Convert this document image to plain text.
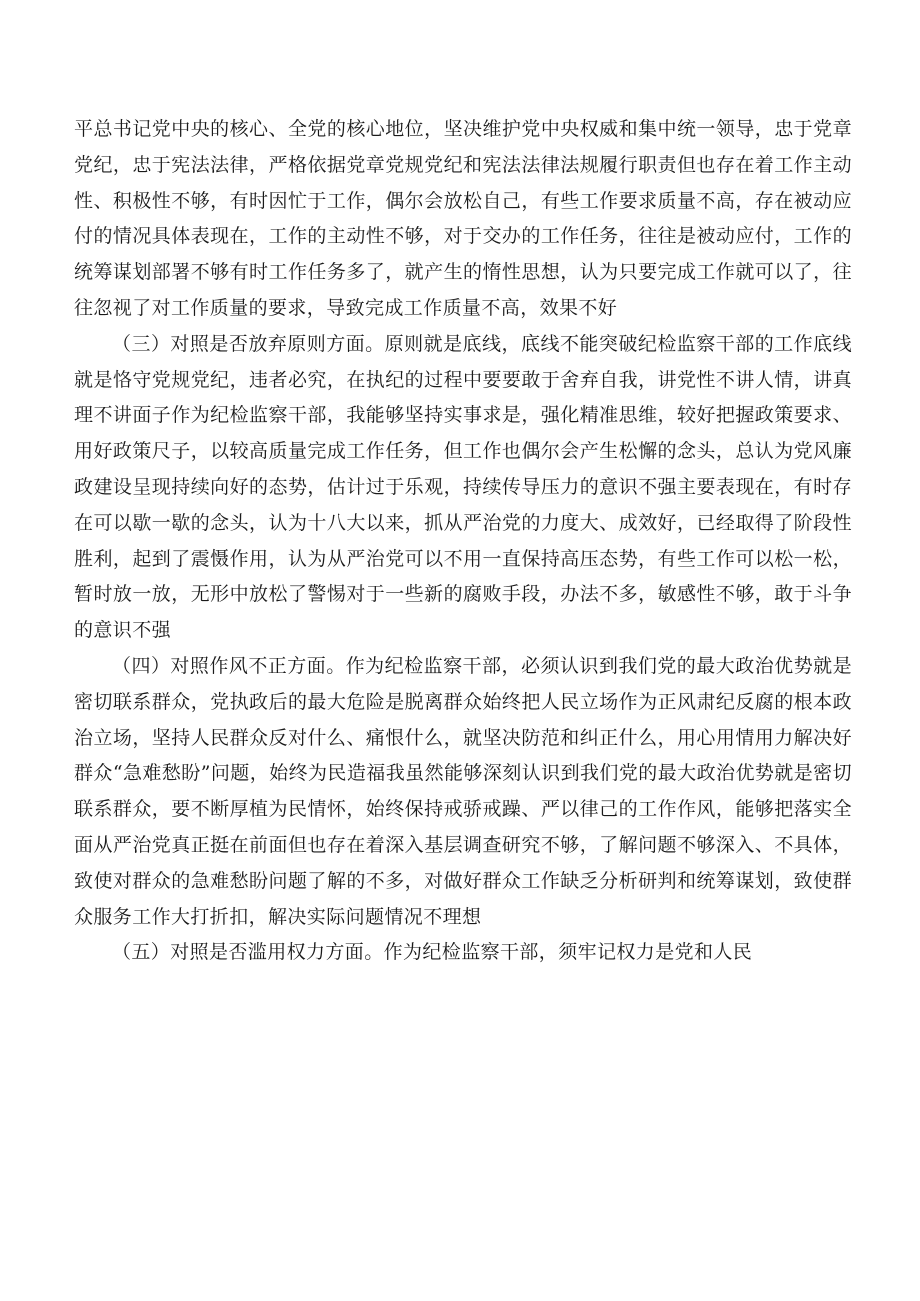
平总书记党中央的核心、全党的核心地位，坚决维护党中央权威和集中统一领导，忠于党章党纪，忠于宪法法律，严格依据党章党规党纪和宪法法律法规履行职责但也存在着工作主动性、积极性不够，有时因忙于工作，偶尔会放松自己，有些工作要求质量不高，存在被动应付的情况具体表现在，工作的主动性不够，对于交办的工作任务，往往是被动应付，工作的统筹谋划部署不够有时工作任务多了，就产生的惰性思想，认为只要完成工作就可以了，往往忽视了对工作质量的要求，导致完成工作质量不高，效果不好

（三）对照是否放弃原则方面。原则就是底线，底线不能突破纪检监察干部的工作底线就是恪守党规党纪，违者必究，在执纪的过程中要要敢于舍弃自我，讲党性不讲人情，讲真理不讲面子作为纪检监察干部，我能够坚持实事求是，强化精准思维，较好把握政策要求、用好政策尺子，以较高质量完成工作任务，但工作也偶尔会产生松懈的念头，总认为党风廉政建设呈现持续向好的态势，估计过于乐观，持续传导压力的意识不强主要表现在，有时存在可以歇一歇的念头，认为十八大以来，抓从严治党的力度大、成效好，已经取得了阶段性胜利，起到了震慑作用，认为从严治党可以不用一直保持高压态势，有些工作可以松一松，暂时放一放，无形中放松了警惕对于一些新的腐败手段，办法不多，敏感性不够，敢于斗争的意识不强

（四）对照作风不正方面。作为纪检监察干部，必须认识到我们党的最大政治优势就是密切联系群众，党执政后的最大危险是脱离群众始终把人民立场作为正风肃纪反腐的根本政治立场，坚持人民群众反对什么、痛恨什么，就坚决防范和纠正什么，用心用情用力解决好群众“急难愁盼”问题，始终为民造福我虽然能够深刻认识到我们党的最大政治优势就是密切联系群众，要不断厚植为民情怀，始终保持戒骄戒躁、严以律己的工作作风，能够把落实全面从严治党真正挺在前面但也存在着深入基层调查研究不够，了解问题不够深入、不具体，致使对群众的急难愁盼问题了解的不多，对做好群众工作缺乏分析研判和统筹谋划，致使群众服务工作大打折扣，解决实际问题情况不理想

（五）对照是否滥用权力方面。作为纪检监察干部，须牢记权力是党和人民
